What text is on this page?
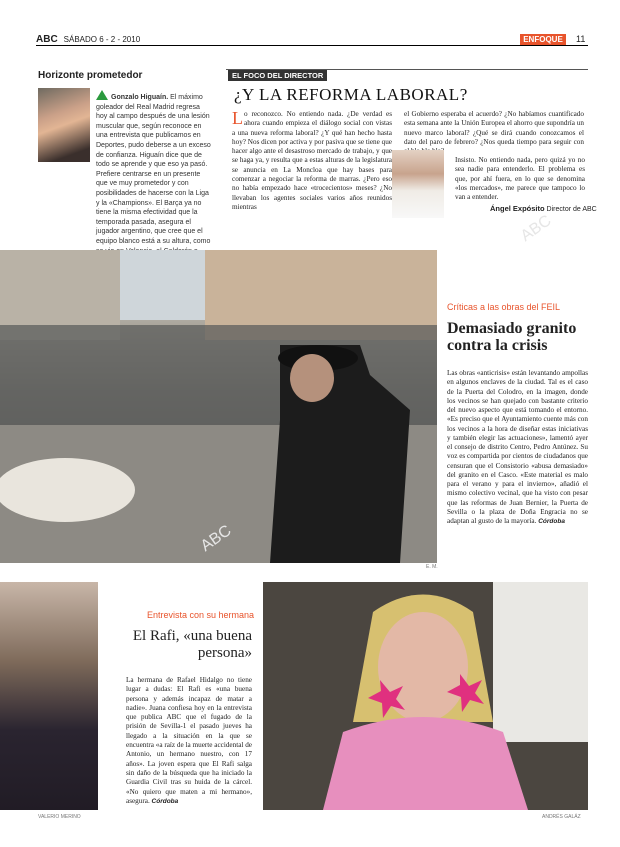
ABC SÁBADO 6 - 2 - 2010	ENFOQUE	11
Horizonte prometedor
Gonzalo Higuaín. El máximo goleador del Real Madrid regresa hoy al campo después de una lesión muscular que, según reconoce en una entrevista que publicamos en Deportes, pudo deberse a un exceso de confianza. Higuaín dice que de todo se aprende y que eso ya pasó. Prefiere centrarse en un presente que ve muy prometedor y con posibilidades de hacerse con la Liga y la «Champions». El Barça ya no tiene la misma efectividad que la temporada pasada, asegura el jugador argentino, que cree que el equipo blanco está a su altura, como
EL FOCO DEL DIRECTOR
¿Y LA REFORMA LABORAL?
Lo reconozco. No entiendo nada. ¿De verdad es ahora cuando empieza el diálogo social con vistas a una nueva reforma laboral? ¿Y qué han hecho hasta hoy? Nos dicen por activa y por pasiva que se tiene que hacer algo ante el desastroso mercado de trabajo, y que se haga ya, y resulta que a estas alturas de la legislatura se anuncia en La Moncloa que hay bases para comenzar a negociar la reforma de marras. ¿Pero eso no había empezado hace «trocecientos» meses? ¿No llevaban los agentes sociales varios años reunidos mientras
el Gobierno esperaba el acuerdo? ¿No habíamos cuantificado esta semana ante la Unión Europea el ahorro que supondría un nuevo marco laboral? ¿Qué se dirá cuando conozcamos el dato del paro de febrero? ¿Nos queda tiempo para seguir con
Insisto. No entiendo nada, pero quizá yo no sea nadie para entenderlo. El problema es que, por ahí fuera, en lo que se denomina «los mercados», me parece que tampoco lo van a entender.
Ángel Expósito Director de ABC
E. M.
Críticas a las obras del FEIL
Demasiado granito contra la crisis
Las obras «anticrisis» están levantando ampollas en algunos enclaves de la ciudad. Tal es el caso de la Puerta del Colodro, en la imagen, donde los vecinos se han quejado con bastante criterio del nuevo aspecto que está tomando el entorno. «Es preciso que el Ayuntamiento cuente más con los vecinos a la hora de diseñar estas iniciativas y también elegir las actuaciones», lamentó ayer el consejo de distrito Centro, Pedro Antúnez. Su voz es compartida por cientos de ciudadanos que censuran que el Consistorio «abusa demasiado» del granito en el Casco. «Este material es malo para el verano y para el invierno», añadió el mismo colectivo vecinal, que ha visto con pesar que las reformas de Juan Bernier, la Puerta de Sevilla o la plaza de Doña Engracia no se adaptan al gusto de la mayoría. Córdoba
VALERIO MERINO
Entrevista con su hermana
El Rafi, «una buena persona»
La hermana de Rafael Hidalgo no tiene lugar a dudas: El Rafi es «una buena persona y además incapaz de matar a nadie». Juana confiesa hoy en la entrevista que publica ABC que el fugado de la prisión de Sevilla-1 el pasado jueves ha llegado a la situación en la que se encuentra «a raíz de la muerte accidental de Antonio, un hermano nuestro, con 17 años». La joven espera que El Rafi salga sin daño de la búsqueda que ha iniciado la Guardia Civil tras su huida de la cárcel. «No quiero que maten a mi hermano», asegura. Córdoba
ANDRÉS GALÁZ
ABC
ABC
